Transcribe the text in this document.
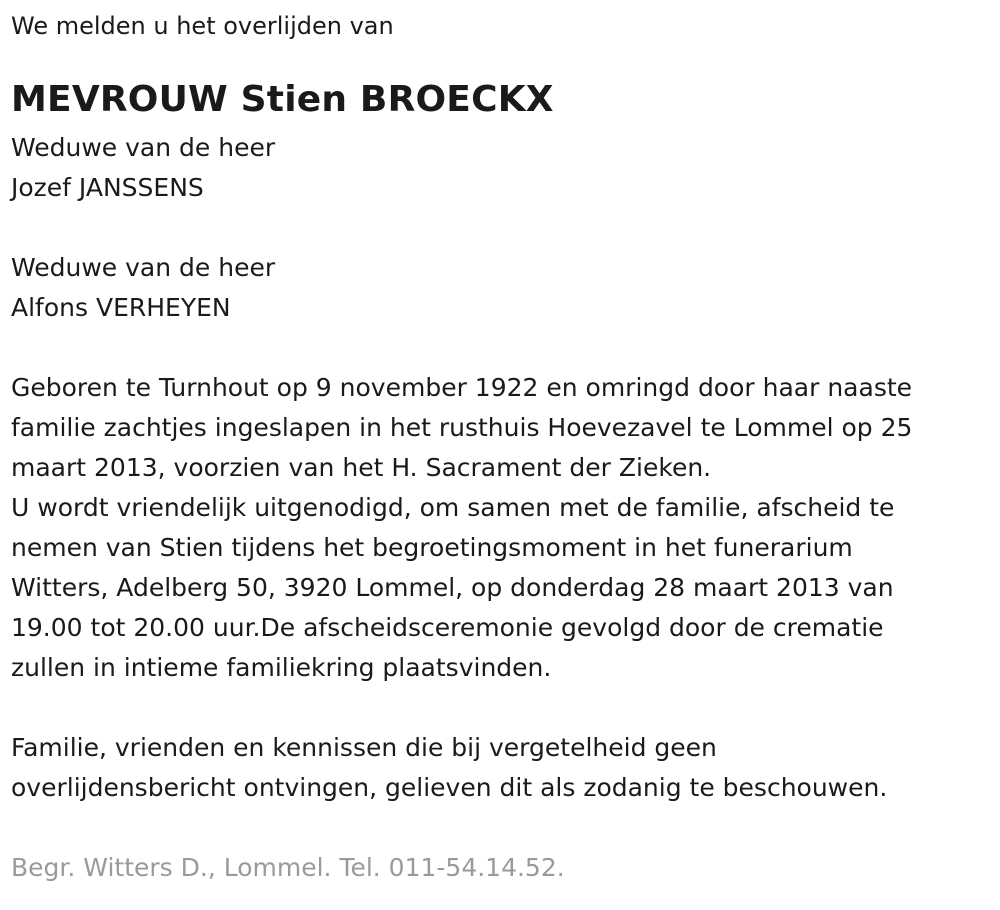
We melden u het overlijden van

MEVROUW Stien BROECKX

Weduwe van de heer
Jozef JANSSENS

Weduwe van de heer
Alfons VERHEYEN

Geboren te Turnhout op 9 november 1922 en omringd door haar naaste
familie zachtjes ingeslapen in het rusthuis Hoevezavel te Lommel op 25
maart 2013, voorzien van het H. Sacrament der Zieken.
U wordt vriendelijk uitgenodigd, om samen met de familie, afscheid te
nemen van Stien tijdens het begroetingsmoment in het funerarium
Witters, Adelberg 50, 3920 Lommel, op donderdag 28 maart 2013 van
19.00 tot 20.00 uur.De afscheidsceremonie gevolgd door de crematie
zullen in intieme familiekring plaatsvinden.

Familie, vrienden en kennissen die bij vergetelheid geen
overlijdensbericht ontvingen, gelieven dit als zodanig te beschouwen.

Begr. Witters D., Lommel. Tel. 011-54.14.52.
